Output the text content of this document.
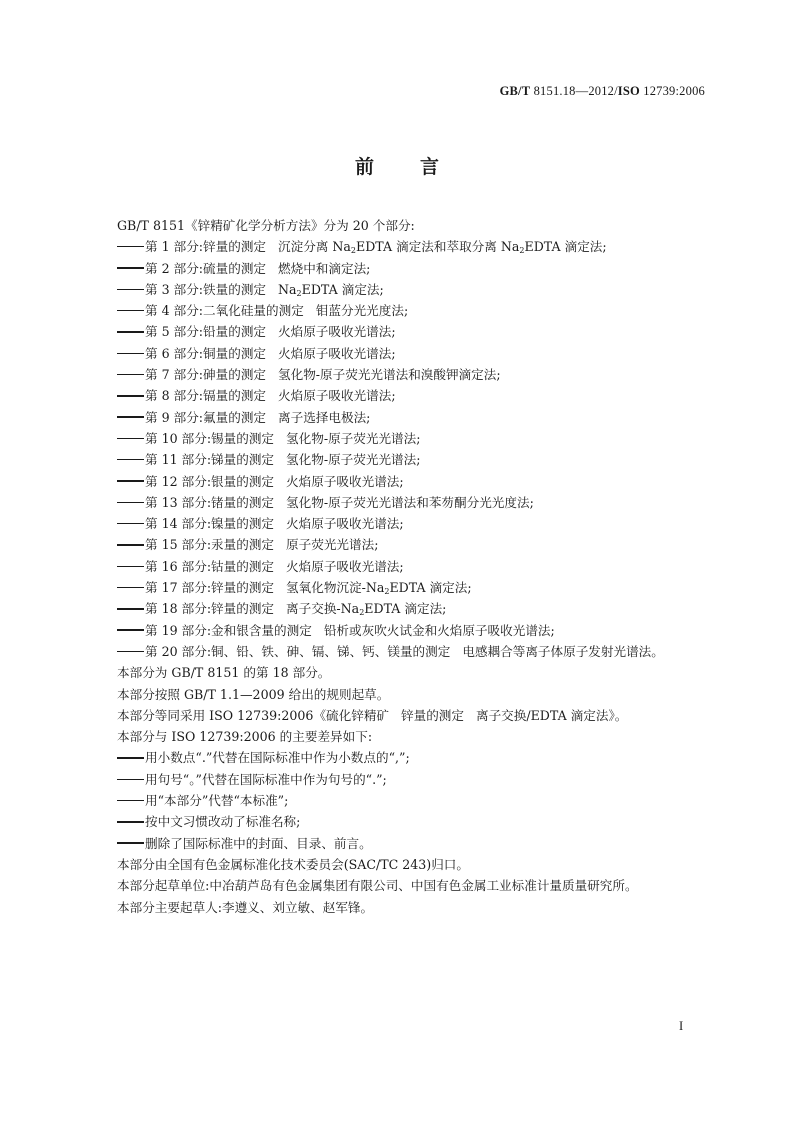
GB/T 8151.18—2012/ISO 12739:2006
前 言
GB/T 8151《锌精矿化学分析方法》分为 20 个部分:
第 1 部分:锌量的测定 沉淀分离 $Na_2EDTA$ 滴定法和萃取分离 $Na_2EDTA$ 滴定法;
第 2 部分:硫量的测定 燃烧中和滴定法;
第 3 部分:铁量的测定 $Na_2EDTA$ 滴定法;
第 4 部分:二氧化硅量的测定 钼蓝分光光度法;
第 5 部分:铅量的测定 火焰原子吸收光谱法;
第 6 部分:铜量的测定 火焰原子吸收光谱法;
第 7 部分:砷量的测定 氢化物-原子荧光光谱法和溴酸钾滴定法;
第 8 部分:镉量的测定 火焰原子吸收光谱法;
第 9 部分:氟量的测定 离子选择电极法;
第 10 部分:锡量的测定 氢化物-原子荧光光谱法;
第 11 部分:锑量的测定 氢化物-原子荧光光谱法;
第 12 部分:银量的测定 火焰原子吸收光谱法;
第 13 部分:锗量的测定 氢化物-原子荧光光谱法和苯芴酮分光光度法;
第 14 部分:镍量的测定 火焰原子吸收光谱法;
第 15 部分:汞量的测定 原子荧光光谱法;
第 16 部分:钴量的测定 火焰原子吸收光谱法;
第 17 部分:锌量的测定 氢氧化物沉淀$-Na_2EDTA$ 滴定法;
第 18 部分:锌量的测定 离子交换$-Na_2EDTA$ 滴定法;
第 19 部分:金和银含量的测定 铅析或灰吹火试金和火焰原子吸收光谱法;
第 20 部分:铜、铅、铁、砷、镉、锑、钙、镁量的测定 电感耦合等离子体原子发射光谱法。
本部分为 GB/T 8151 的第 18 部分。
本部分按照 GB/T 1.1—2009 给出的规则起草。
本部分等同采用 ISO 12739:2006《硫化锌精矿 锌量的测定 离子交换/EDTA 滴定法》。
本部分与 ISO 12739:2006 的主要差异如下:
用小数点“.”代替在国际标准中作为小数点的“,”;
用句号“。”代替在国际标准中作为句号的“.”;
用“本部分”代替“本标准”;
按中文习惯改动了标准名称;
删除了国际标准中的封面、目录、前言。
本部分由全国有色金属标准化技术委员会(SAC/TC 243)归口。
本部分起草单位:中冶葫芦岛有色金属集团有限公司、中国有色金属工业标准计量质量研究所。
本部分主要起草人:李遵义、刘立敏、赵军锋。
I
